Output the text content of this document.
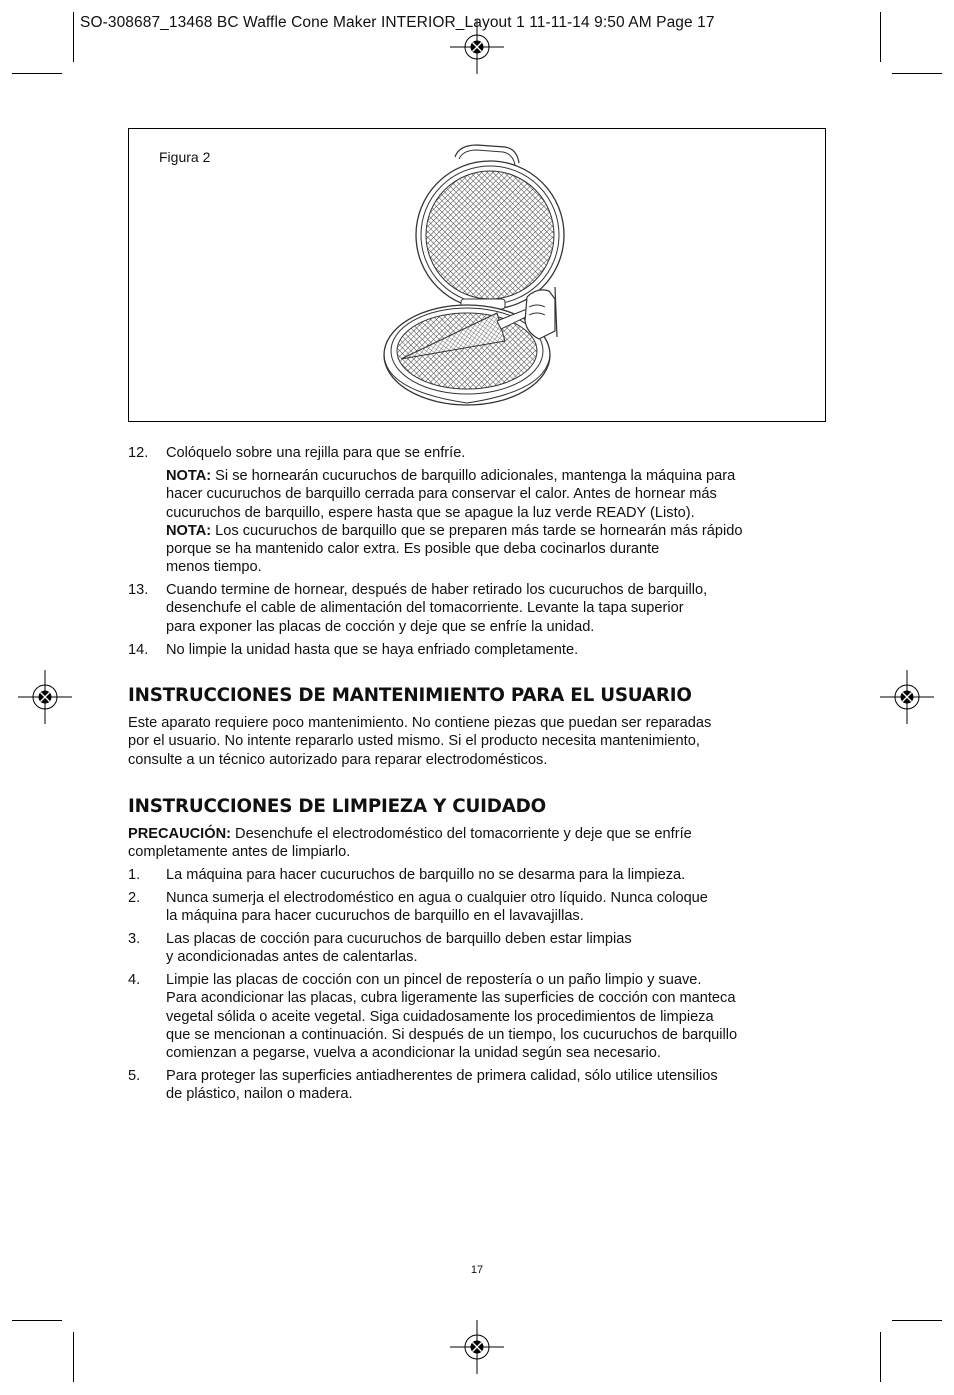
SO-308687_13468 BC Waffle Cone Maker INTERIOR_Layout 1 11-11-14 9:50 AM Page 17
Figura 2
12. Colóquelo sobre una rejilla para que se enfríe.
NOTA: Si se hornearán cucuruchos de barquillo adicionales, mantenga la máquina para
hacer cucuruchos de barquillo cerrada para conservar el calor. Antes de hornear más
cucuruchos de barquillo, espere hasta que se apague la luz verde READY (Listo).
NOTA: Los cucuruchos de barquillo que se preparen más tarde se hornearán más rápido
porque se ha mantenido calor extra. Es posible que deba cocinarlos durante
menos tiempo.
13. Cuando termine de hornear, después de haber retirado los cucuruchos de barquillo,
desenchufe el cable de alimentación del tomacorriente. Levante la tapa superior
para exponer las placas de cocción y deje que se enfríe la unidad.
14. No limpie la unidad hasta que se haya enfriado completamente.
INSTRUCCIONES DE MANTENIMIENTO PARA EL USUARIO
Este aparato requiere poco mantenimiento. No contiene piezas que puedan ser reparadas
por el usuario. No intente repararlo usted mismo. Si el producto necesita mantenimiento,
consulte a un técnico autorizado para reparar electrodomésticos.
INSTRUCCIONES DE LIMPIEZA Y CUIDADO
PRECAUCIÓN: Desenchufe el electrodoméstico del tomacorriente y deje que se enfríe
completamente antes de limpiarlo.
1. La máquina para hacer cucuruchos de barquillo no se desarma para la limpieza.
2. Nunca sumerja el electrodoméstico en agua o cualquier otro líquido. Nunca coloque
la máquina para hacer cucuruchos de barquillo en el lavavajillas.
3. Las placas de cocción para cucuruchos de barquillo deben estar limpias
y acondicionadas antes de calentarlas.
4. Limpie las placas de cocción con un pincel de repostería o un paño limpio y suave.
Para acondicionar las placas, cubra ligeramente las superficies de cocción con manteca
vegetal sólida o aceite vegetal. Siga cuidadosamente los procedimientos de limpieza
que se mencionan a continuación. Si después de un tiempo, los cucuruchos de barquillo
comienzan a pegarse, vuelva a acondicionar la unidad según sea necesario.
5. Para proteger las superficies antiadherentes de primera calidad, sólo utilice utensilios
de plástico, nailon o madera.
17
